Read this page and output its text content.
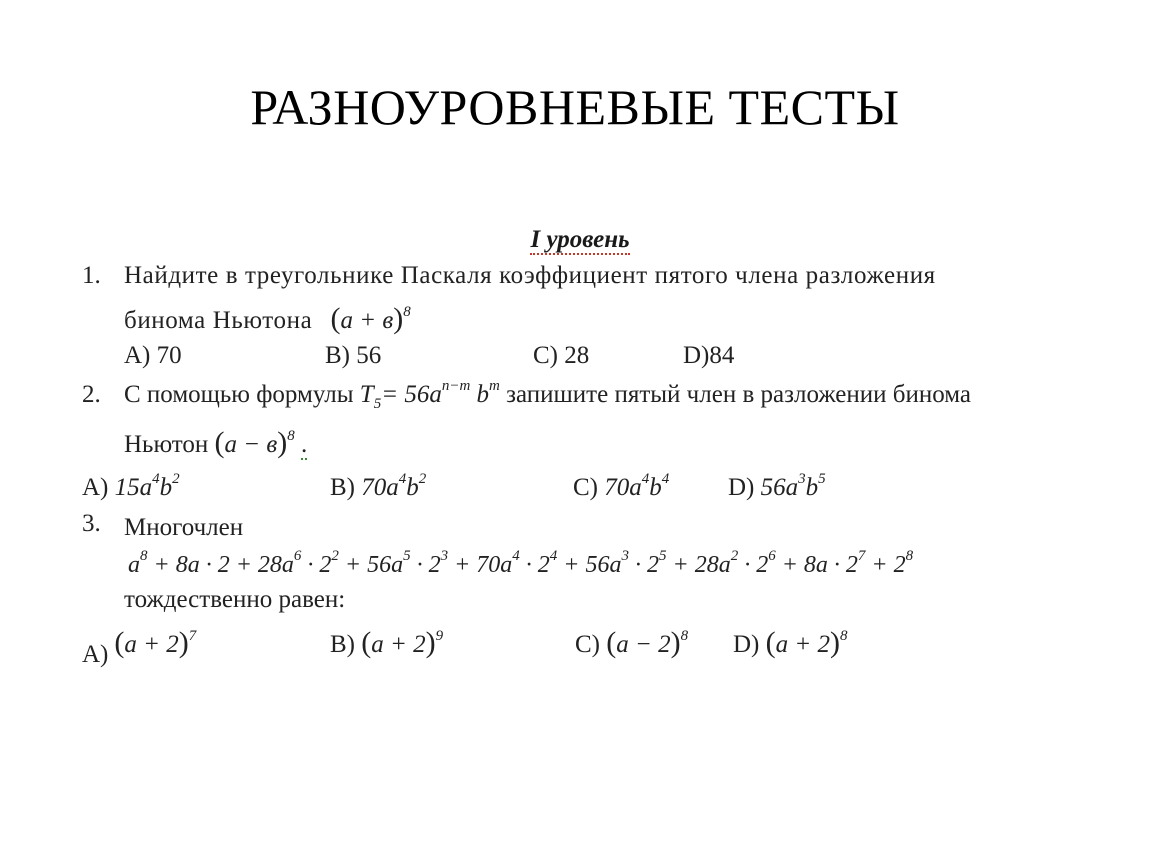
РАЗНОУРОВНЕВЫЕ ТЕСТЫ
I уровень
1. Найдите в треугольнике Паскаля коэффициент пятого члена разложения
бинома Ньютона $(a + в)^8$
A) 70	B) 56	C) 28	D)84
2. С помощью формулы $T_5= 56a^{n-m}$ $b^m$ запишите пятый член в разложении бинома
Ньютон $(a - в)^8$ .
A) $15a^4b^2$	B) $70a^4b^2$	C) $70a^4b^4$ D) $56a^3b^5$
3. Многочлен
$a^8 + 8a \cdot 2 + 28a^6 \cdot 2^2 + 56a^5 \cdot 2^3 + 70a^4 \cdot 2^4 + 56a^3 \cdot 2^5 + 28a^2 \cdot 2^6 + 8a \cdot 2^7 + 2^8$
тождественно равен:
A) $(a + 2)^7$	B) $(a + 2)^9$	C) $(a - 2)^8$ D) $(a + 2)^8$
